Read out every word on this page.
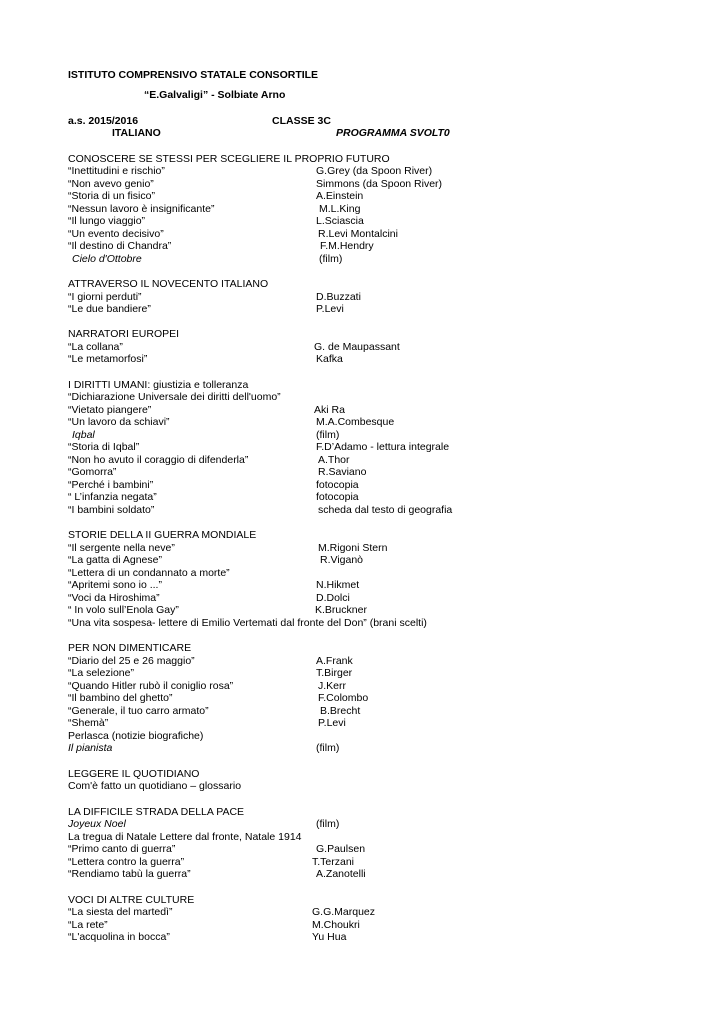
ISTITUTO COMPRENSIVO STATALE CONSORTILE
“E.Galvaligi” - Solbiate Arno
a.s. 2015/2016	CLASSE 3C
ITALIANO	PROGRAMMA SVOLT0
CONOSCERE SE STESSI PER SCEGLIERE IL PROPRIO FUTURO
“Inettitudini e rischio”	G.Grey (da Spoon River)
“Non avevo genio”	Simmons (da Spoon River)
“Storia di un fisico”	A.Einstein
“Nessun lavoro è insignificante”	M.L.King
“Il lungo viaggio”	L.Sciascia
“Un evento decisivo”	R.Levi Montalcini
“Il destino di Chandra”	F.M.Hendry
Cielo d'Ottobre	(film)
ATTRAVERSO IL NOVECENTO ITALIANO
“I giorni perduti”	D.Buzzati
“Le due bandiere”	P.Levi
NARRATORI EUROPEI
“La collana”	G. de Maupassant
“Le metamorfosi”	Kafka
I DIRITTI UMANI: giustizia e tolleranza
“Dichiarazione Universale dei diritti dell'uomo”
“Vietato piangere”	Aki Ra
“Un lavoro da schiavi”	M.A.Combesque
Iqbal	(film)
“Storia di Iqbal”	F.D’Adamo - lettura integrale
“Non ho avuto il coraggio di difenderla”	A.Thor
“Gomorra”	R.Saviano
“Perché i bambini”	fotocopia
“ L’infanzia negata”	fotocopia
“I bambini soldato”	scheda dal testo di geografia
STORIE DELLA II GUERRA MONDIALE
“Il sergente nella neve”	M.Rigoni Stern
“La gatta di Agnese”	R.Viganò
“Lettera di un condannato a morte”
“Apritemi sono io ...”	N.Hikmet
“Voci da Hiroshima”	D.Dolci
“ In volo sull’Enola Gay”	K.Bruckner
“Una vita sospesa- lettere di Emilio Vertemati dal fronte del Don” (brani scelti)
PER NON DIMENTICARE
“Diario del 25 e 26 maggio”	A.Frank
“La selezione”	T.Birger
“Quando Hitler rubò il coniglio rosa”	J.Kerr
“Il bambino del ghetto”	F.Colombo
“Generale, il tuo carro armato”	B.Brecht
“Shemà”	P.Levi
Perlasca (notizie biografiche)
Il pianista	(film)
LEGGERE IL QUOTIDIANO
Com'è fatto un quotidiano – glossario
LA DIFFICILE STRADA DELLA PACE
Joyeux Noel	(film)
La tregua di Natale Lettere dal fronte, Natale 1914
“Primo canto di guerra”	G.Paulsen
“Lettera contro la guerra”	T.Terzani
“Rendiamo tabù la guerra”	A.Zanotelli
VOCI DI ALTRE CULTURE
“La siesta del martedì”	G.G.Marquez
“La rete”	M.Choukri
“L'acquolina in bocca”	Yu Hua
